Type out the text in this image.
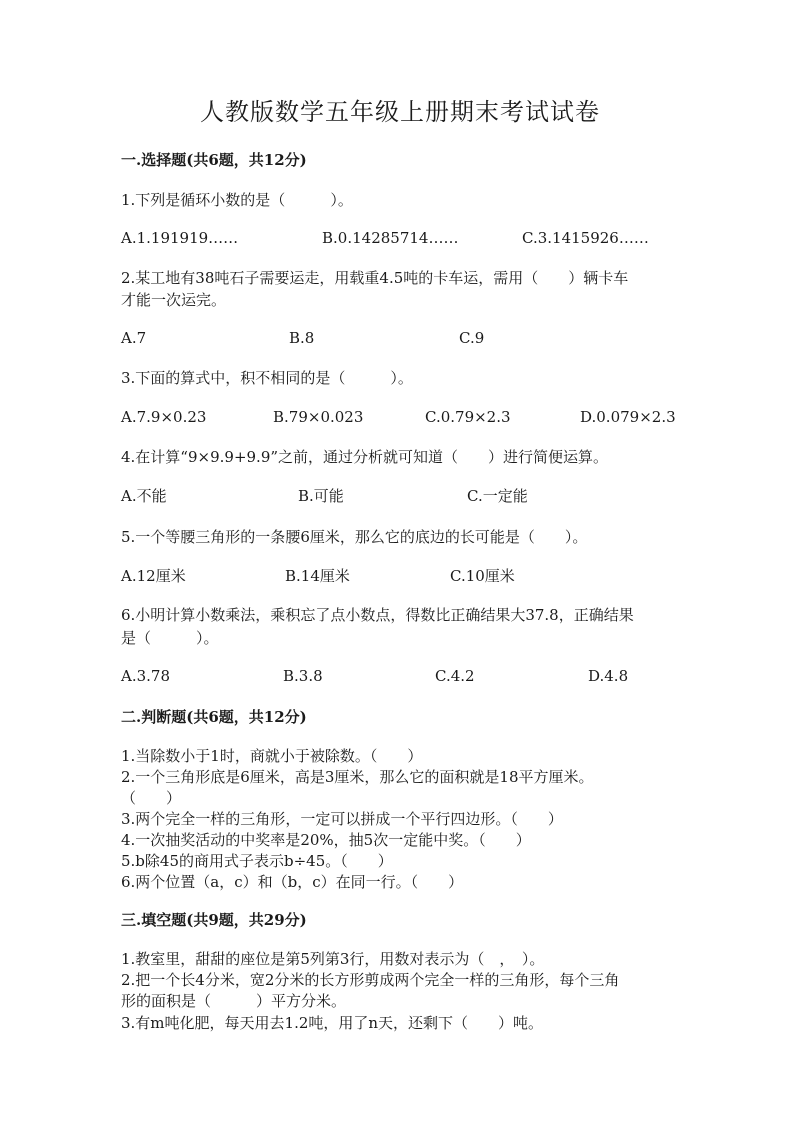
人教版数学五年级上册期末考试试卷
一.选择题(共6题，共12分)
1.下列是循环小数的是（　　　）。
A.1.191919……	B.0.14285714……	C.3.1415926……
2.某工地有38吨石子需要运走，用载重4.5吨的卡车运，需用（　　）辆卡车
才能一次运完。
A.7	B.8	C.9
3.下面的算式中，积不相同的是（　　　）。
A.7.9×0.23	B.79×0.023	C.0.79×2.3	D.0.079×2.3
4.在计算“9×9.9+9.9”之前，通过分析就可知道（　　）进行简便运算。
A.不能	B.可能	C.一定能
5.一个等腰三角形的一条腰6厘米，那么它的底边的长可能是（　　）。
A.12厘米	B.14厘米	C.10厘米
6.小明计算小数乘法，乘积忘了点小数点，得数比正确结果大37.8，正确结果
是（　　　）。
A.3.78	B.3.8	C.4.2	D.4.8
二.判断题(共6题，共12分)
1.当除数小于1时，商就小于被除数。（　　）
2.一个三角形底是6厘米，高是3厘米，那么它的面积就是18平方厘米。
（　　）
3.两个完全一样的三角形，一定可以拼成一个平行四边形。（　　）
4.一次抽奖活动的中奖率是20%，抽5次一定能中奖。（　　）
5.b除45的商用式子表示b÷45。（　　）
6.两个位置（a，c）和（b，c）在同一行。（　　）
三.填空题(共9题，共29分)
1.教室里，甜甜的座位是第5列第3行，用数对表示为（　，　）。
2.把一个长4分米，宽2分米的长方形剪成两个完全一样的三角形，每个三角
形的面积是（　　　）平方分米。
3.有m吨化肥，每天用去1.2吨，用了n天，还剩下（　　）吨。
